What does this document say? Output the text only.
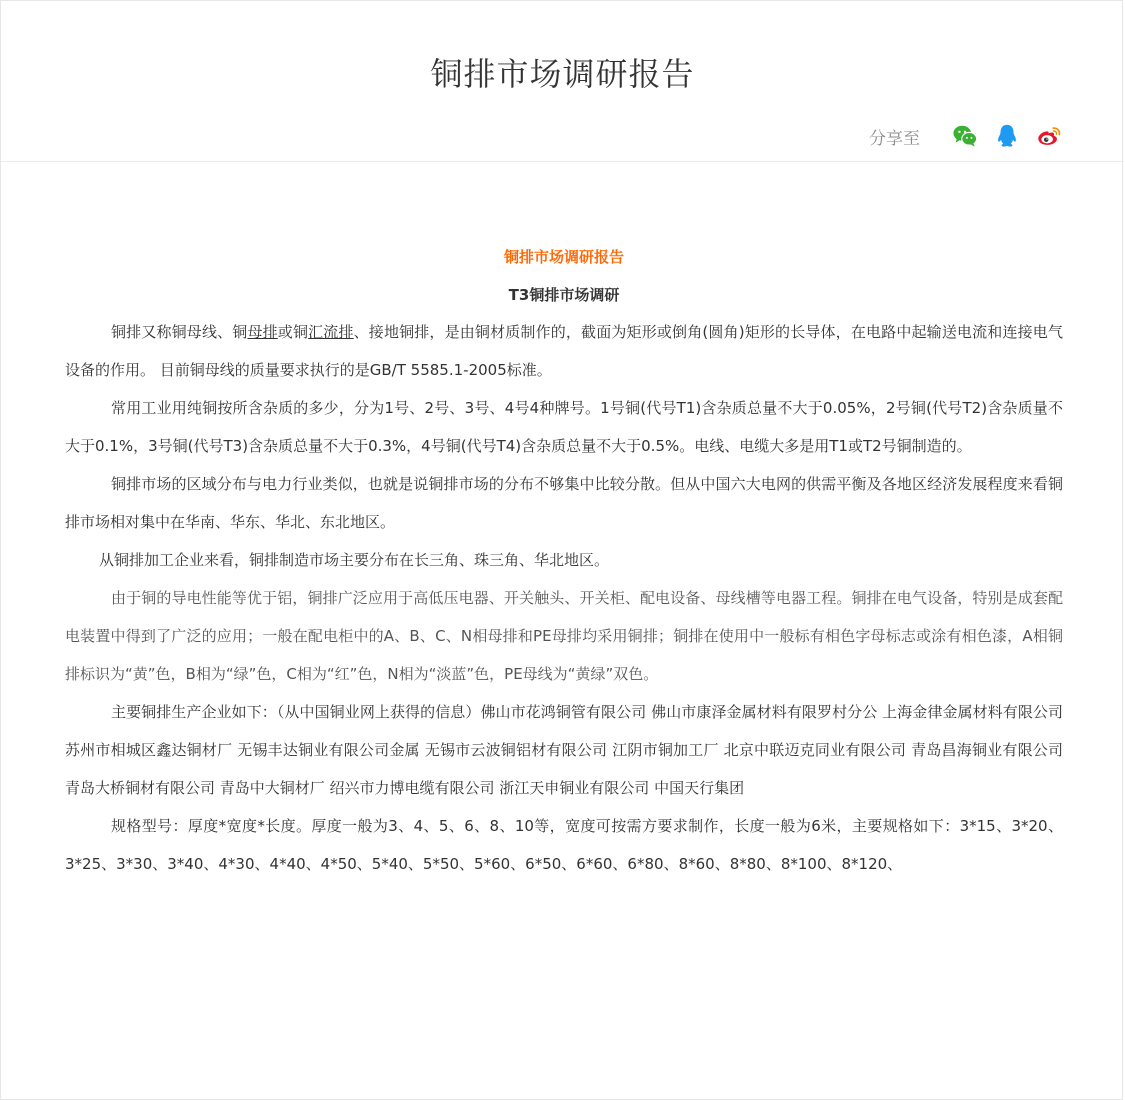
铜排市场调研报告
分享至
铜排市场调研报告
T3铜排市场调研

铜排又称铜母线、铜母排或铜汇流排、接地铜排，是由铜材质制作的，截面为矩形或倒角(圆角)矩形的长导体，在电路中起输送电流和连接电气设备的作用。 目前铜母线的质量要求执行的是GB/T 5585.1-2005标准。

常用工业用纯铜按所含杂质的多少，分为1号、2号、3号、4号4种牌号。1号铜(代号T1)含杂质总量不大于0.05%，2号铜(代号T2)含杂质量不大于0.1%，3号铜(代号T3)含杂质总量不大于0.3%，4号铜(代号T4)含杂质总量不大于0.5%。电线、电缆大多是用T1或T2号铜制造的。

铜排市场的区域分布与电力行业类似，也就是说铜排市场的分布不够集中比较分散。但从中国六大电网的供需平衡及各地区经济发展程度来看铜排市场相对集中在华南、华东、华北、东北地区。

从铜排加工企业来看，铜排制造市场主要分布在长三角、珠三角、华北地区。

由于铜的导电性能等优于铝，铜排广泛应用于高低压电器、开关触头、开关柜、配电设备、母线槽等电器工程。铜排在电气设备，特别是成套配电装置中得到了广泛的应用；一般在配电柜中的A、B、C、N相母排和PE母排均采用铜排；铜排在使用中一般标有相色字母标志或涂有相色漆，A相铜排标识为“黄”色，B相为“绿”色，C相为“红”色，N相为“淡蓝”色，PE母线为“黄绿”双色。

主要铜排生产企业如下：（从中国铜业网上获得的信息）佛山市花鸿铜管有限公司 佛山市康泽金属材料有限罗村分公 上海金律金属材料有限公司 苏州市相城区鑫达铜材厂 无锡丰达铜业有限公司金属 无锡市云波铜铝材有限公司 江阴市铜加工厂 北京中联迈克同业有限公司 青岛昌海铜业有限公司 青岛大桥铜材有限公司 青岛中大铜材厂 绍兴市力博电缆有限公司 浙江天申铜业有限公司 中国天行集团

规格型号：厚度*宽度*长度。厚度一般为3、4、5、6、8、10等，宽度可按需方要求制作，长度一般为6米，主要规格如下：3*15、3*20、3*25、3*30、3*40、4*30、4*40、4*50、5*40、5*50、5*60、6*50、6*60、6*80、8*60、8*80、8*100、8*120、
